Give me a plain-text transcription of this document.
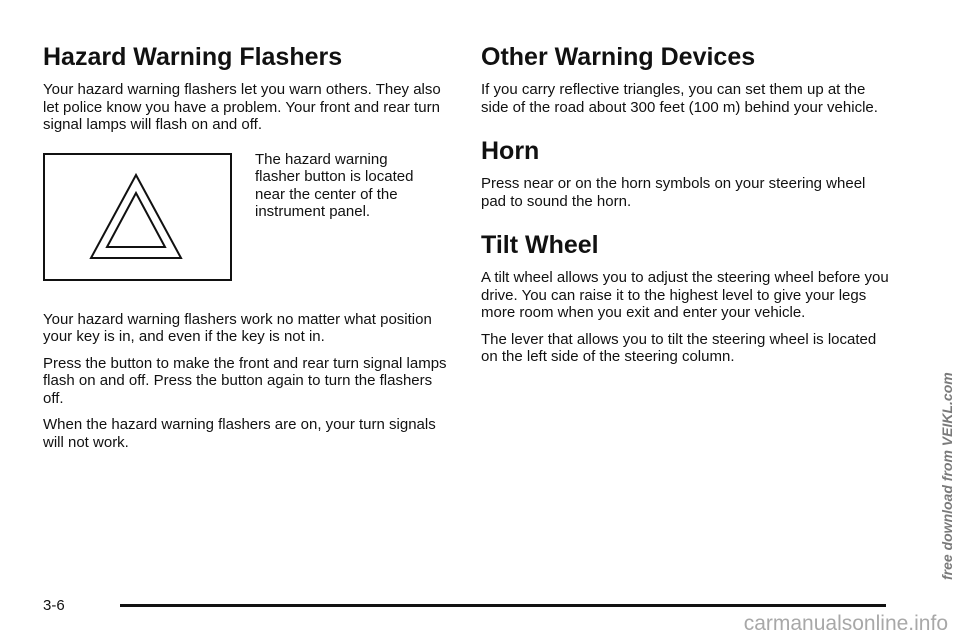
Hazard Warning Flashers

Your hazard warning flashers let you warn others. They also let police know you have a problem. Your front and rear turn signal lamps will flash on and off.

The hazard warning flasher button is located near the center of the instrument panel.

Your hazard warning flashers work no matter what position your key is in, and even if the key is not in.

Press the button to make the front and rear turn signal lamps flash on and off. Press the button again to turn the flashers off.

When the hazard warning flashers are on, your turn signals will not work.

Other Warning Devices

If you carry reflective triangles, you can set them up at the side of the road about 300 feet (100 m) behind your vehicle.

Horn

Press near or on the horn symbols on your steering wheel pad to sound the horn.

Tilt Wheel

A tilt wheel allows you to adjust the steering wheel before you drive. You can raise it to the highest level to give your legs more room when you exit and enter your vehicle.

The lever that allows you to tilt the steering wheel is located on the left side of the steering column.

3-6
free download from VEIKL.com
carmanualsonline.info
